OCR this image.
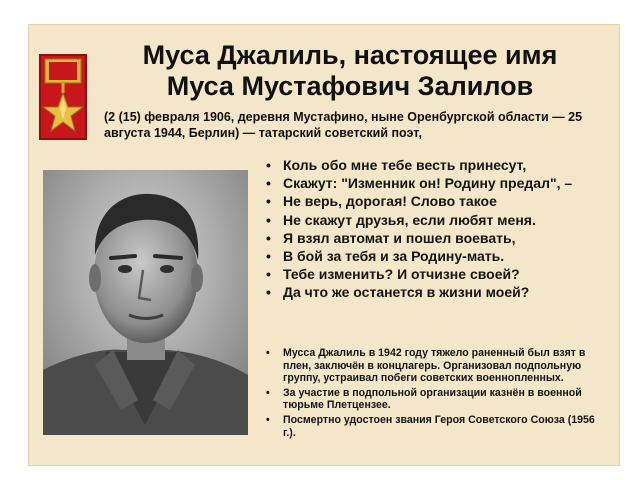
Муса Джалиль, настоящее имя
Муса Мустафович Залилов

(2 (15) февраля 1906, деревня Мустафино, ныне Оренбургской области — 25 августа 1944, Берлин) — татарский советский поэт,

• Коль обо мне тебе весть принесут,
• Скажут: "Изменник он! Родину предал", –
• Не верь, дорогая! Слово такое
• Не скажут друзья, если любят меня.
• Я взял автомат и пошел воевать,
• В бой за тебя и за Родину-мать.
• Тебе изменить? И отчизне своей?
• Да что же останется в жизни моей?
• Мусса Джалиль в 1942 году тяжело раненный был взят в плен, заключён в концлагерь. Организовал подпольную группу, устраивал побеги советских военнопленных.
• За участие в подпольной организации казнён в военной тюрьме Плетцензее.
• Посмертно удостоен звания Героя Советского Союза (1956 г.).
